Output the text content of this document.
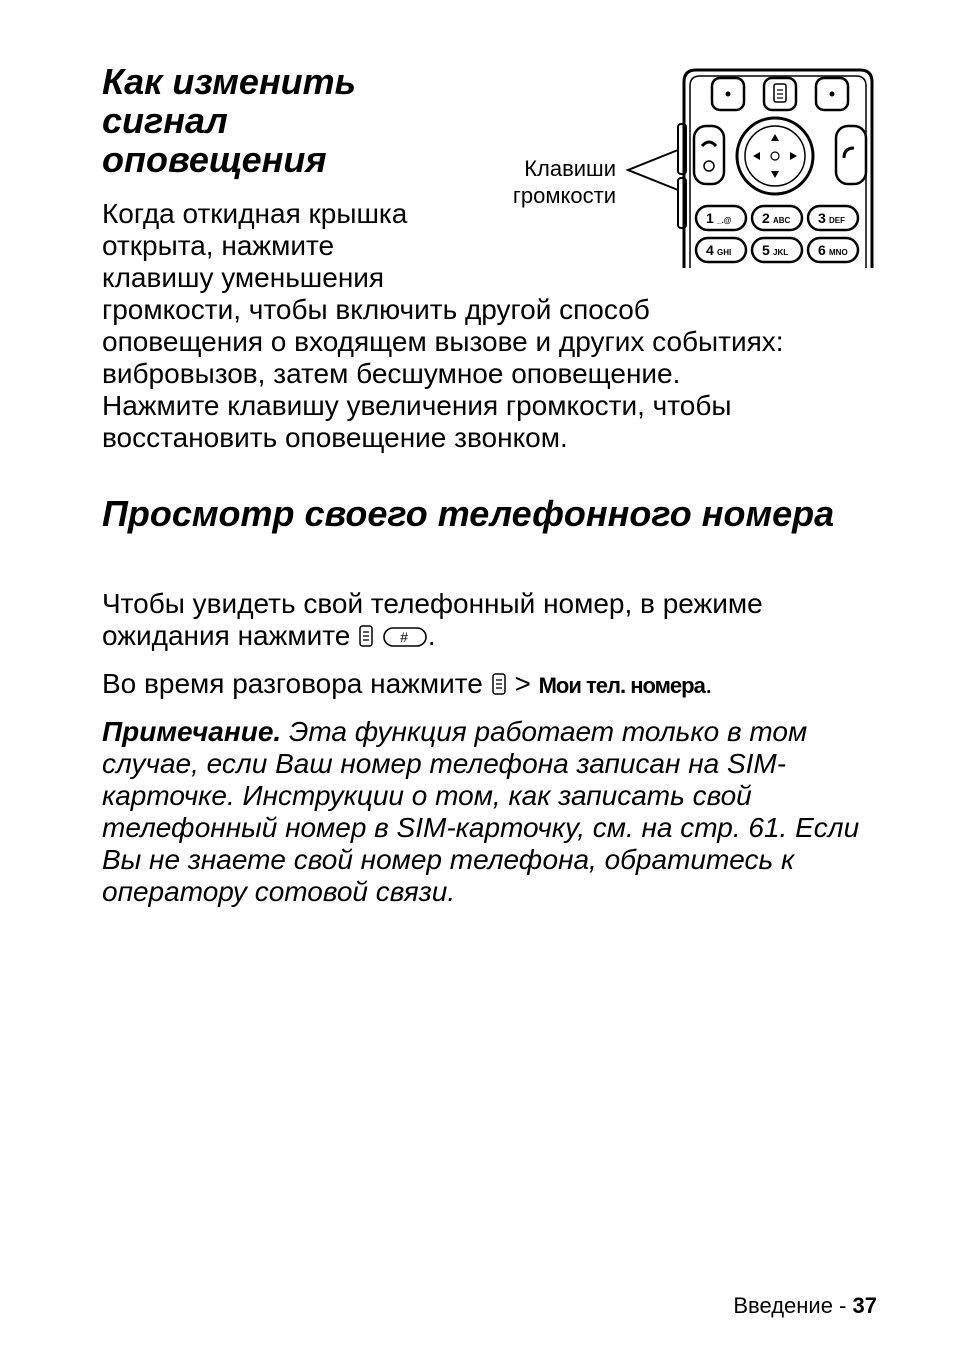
Как изменить сигнал оповещения

Когда откидная крышка
открыта, нажмите
клавишу уменьшения

Клавиши громкости

1 _.@ 2 ABC 3 DEF
4 GHI 5 JKL 6 MNO

громкости, чтобы включить другой способ
оповещения о входящем вызове и других событиях:
вибровызов, затем бесшумное оповещение.
Нажмите клавишу увеличения громкости, чтобы
восстановить оповещение звонком.

Просмотр своего телефонного номера

Чтобы увидеть свой телефонный номер, в режиме ожидания нажмите	# .

Во время разговора нажмите > Мои тел. номера.

Примечание. Эта функция работает только в том случае, если Ваш номер телефона записан на SIM-карточке. Инструкции о том, как записать свой телефонный номер в SIM-карточку, см. на стр. 61. Если Вы не знаете свой номер телефона, обратитесь к оператору сотовой связи.

Введение - 37
